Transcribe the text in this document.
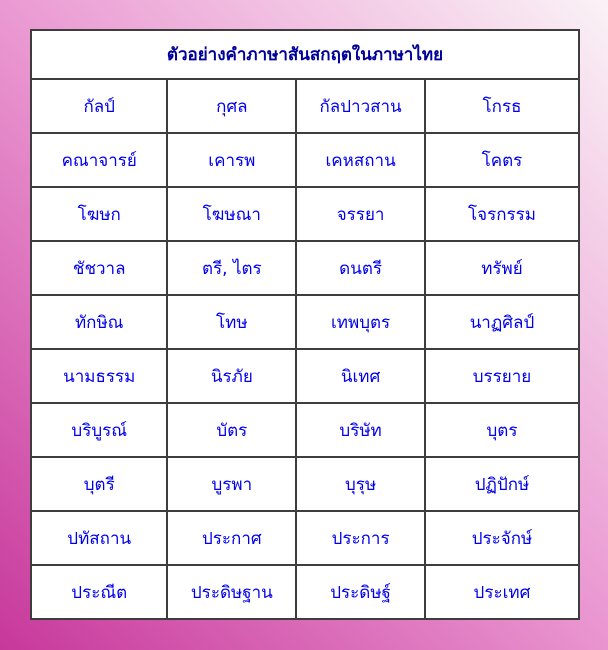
ตัวอย่างคำภาษาสันสกฤตในภาษาไทย			
กัลป์	กุศล	กัลปาวสาน	โกรธ
คณาจารย์	เคารพ	เคหสถาน	โคตร
โฆษก	โฆษณา	จรรยา	โจรกรรม
ชัชวาล	ตรี, ไตร	ดนตรี	ทรัพย์
ทักษิณ	โทษ	เทพบุตร	นาฏศิลป์
นามธรรม	นิรภัย	นิเทศ	บรรยาย
บริบูรณ์	บัตร	บริษัท	บุตร
บุตรี	บูรพา	บุรุษ	ปฏิปักษ์
ปทัสถาน	ประกาศ	ประการ	ประจักษ์
ประณีต	ประดิษฐาน	ประดิษฐ์	ประเทศ
